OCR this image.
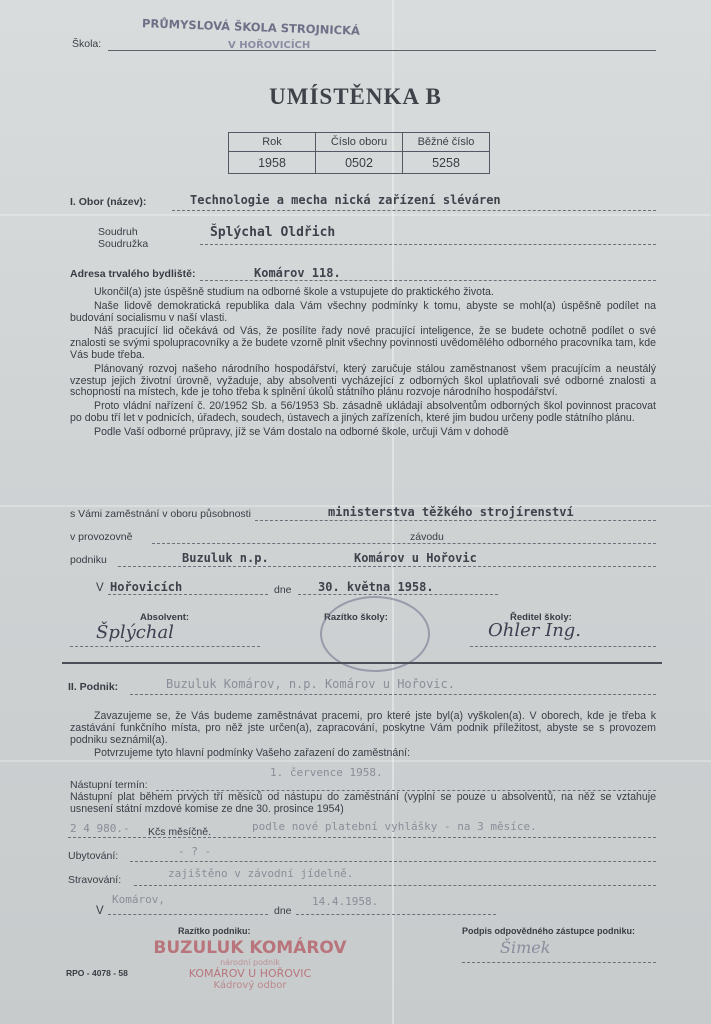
Škola:
PRŮMYSLOVÁ ŠKOLA STROJNICKÁ
V HOŘOVICÍCH
UMÍSTĚNKA B
Rok	Číslo oboru	Běžné číslo
1958	0502	5258
I. Obor (název):	Technologie a mecha nická zařízení sléváren
Soudruh
Soudružka
Šplýchal Oldřich
Adresa trvalého bydliště:	Komárov 118.

Ukončil(a) jste úspěšně studium na odborné škole a vstupujete do praktického života.

Naše lidově demokratická republika dala Vám všechny podmínky k tomu, abyste se mohl(a) úspěšně podílet na budování socialismu v naší vlasti.

Náš pracující lid očekává od Vás, že posílíte řady nové pracující inteligence, že se budete ochotně podílet o své znalosti se svými spolupracovníky a že budete vzorně plnit všechny povinnosti uvědomělého odborného pracovníka tam, kde Vás bude třeba.

Plánovaný rozvoj našeho národního hospodářství, který zaručuje stálou zaměstnanost všem pracujícím a neustálý vzestup jejich životní úrovně, vyžaduje, aby absolventi vycházející z odborných škol uplatňovali své odborné znalosti a schopnosti na místech, kde je toho třeba k splnění úkolů státního plánu rozvoje národního hospodářství.

Proto vládní nařízení č. 20/1952 Sb. a 56/1953 Sb. zásadně ukládají absolventům odborných škol povinnost pracovat po dobu tří let v podnicích, úřadech, soudech, ústavech a jiných zařízeních, které jim budou určeny podle státního plánu.

Podle Vaší odborné průpravy, jíž se Vám dostalo na odborné škole, určuji Vám v dohodě

s Vámi zaměstnání v oboru působnosti	ministerstva těžkého strojírenství
v provozovně	závodu
podniku	Buzuluk n.p.	Komárov u Hořovic
V Hořovicích	dne 30. května 1958.
Absolvent:
Šplýchal
Razítko školy:	Ředitel školy:
Ohler Ing.
II. Podnik:	Buzuluk Komárov, n.p. Komárov u Hořovic.

Zavazujeme se, že Vás budeme zaměstnávat pracemi, pro které jste byl(a) vyškolen(a). V oborech, kde je třeba k zastávání funkčního místa, pro něž jste určen(a), zapracování, poskytne Vám podnik příležitost, abyste se s provozem podniku seznámil(a).

Potvrzujeme tyto hlavní podmínky Vašeho zařazení do zaměstnání:

1. července 1958.
Nástupní termín:
Nástupní plat během prvých tří měsíců od nástupu do zaměstnání (vyplní se pouze u absolventů, na něž se vztahuje usnesení státní mzdové komise ze dne 30. prosince 1954)
2 4 980.- Kčs měsíčně.	podle nové platební vyhlášky - na 3 měsíce.
Ubytování:	- ? -
Stravování:	zajištěno v závodní jídelně.
V
Komárov,
dne
14.4.1958.
Razítko podniku:
BUZULUK KOMÁROV
národní podnik
KOMÁROV U HOŘOVIC
Kádrový odbor
Podpis odpovědného zástupce podniku:
Šimek
RPO - 4078 - 58
